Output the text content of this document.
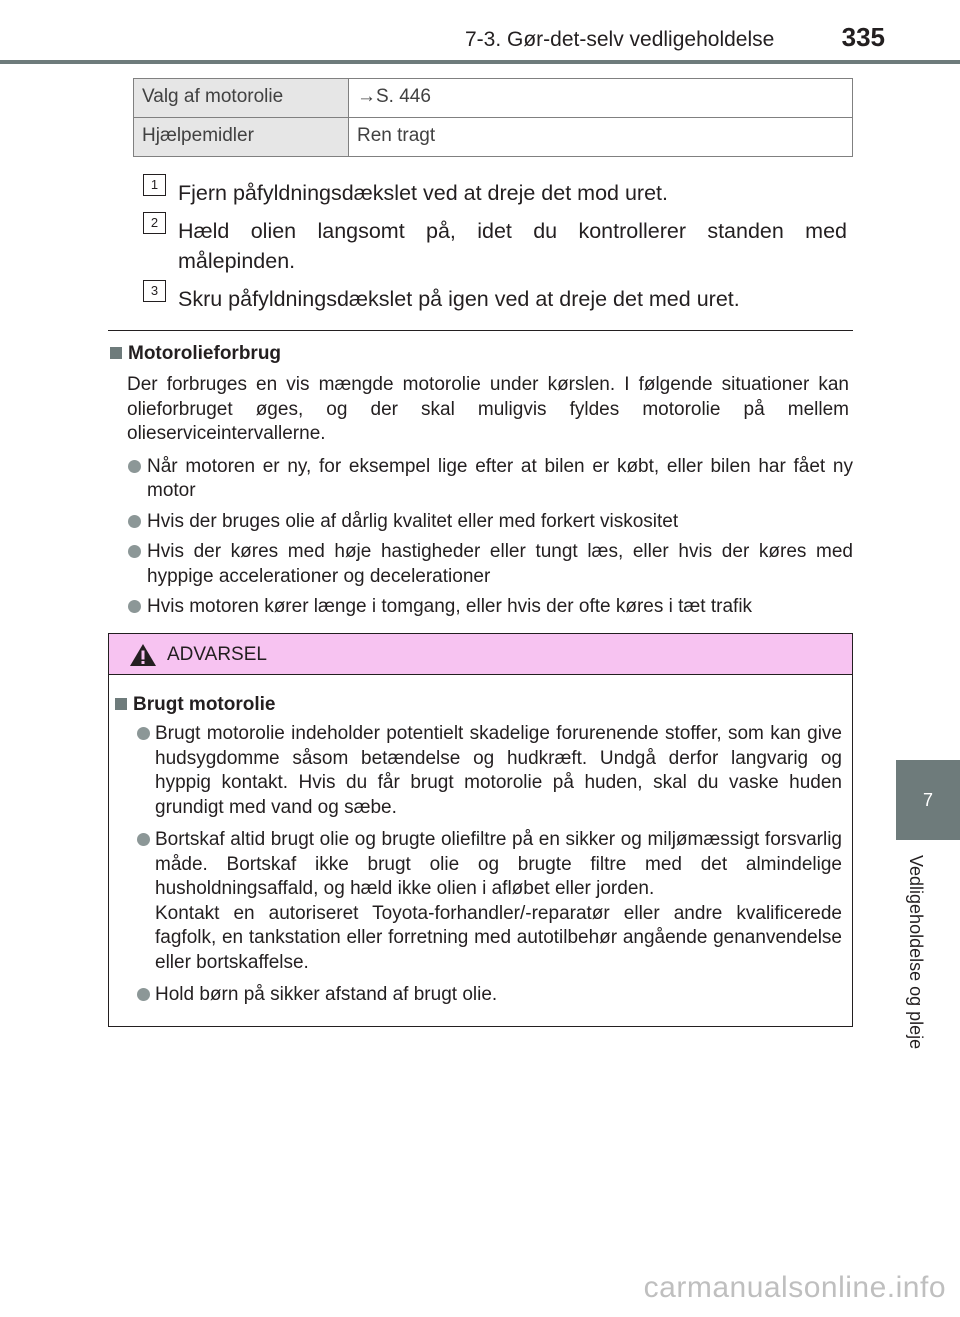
7-3. Gør-det-selv vedligeholdelse	335
7
Vedligeholdelse og pleje
Valg af motorolie	→S. 446
Hjælpemidler	Ren tragt
1 Fjern påfyldningsdækslet ved at dreje det mod uret.
2 Hæld olien langsomt på, idet du kontrollerer standen med målepinden.
3 Skru påfyldningsdækslet på igen ved at dreje det med uret.
Motorolieforbrug
Der forbruges en vis mængde motorolie under kørslen. I følgende situationer kan olieforbruget øges, og der skal muligvis fyldes motorolie på mellem olieserviceintervallerne.
Når motoren er ny, for eksempel lige efter at bilen er købt, eller bilen har fået ny motor
Hvis der bruges olie af dårlig kvalitet eller med forkert viskositet
Hvis der køres med høje hastigheder eller tungt læs, eller hvis der køres med hyppige accelerationer og decelerationer
Hvis motoren kører længe i tomgang, eller hvis der ofte køres i tæt trafik
ADVARSEL
Brugt motorolie
Brugt motorolie indeholder potentielt skadelige forurenende stoffer, som kan give hudsygdomme såsom betændelse og hudkræft. Undgå derfor langvarig og hyppig kontakt. Hvis du får brugt motorolie på huden, skal du vaske huden grundigt med vand og sæbe.
Bortskaf altid brugt olie og brugte oliefiltre på en sikker og miljømæssigt forsvarlig måde. Bortskaf ikke brugt olie og brugte filtre med det almindelige husholdningsaffald, og hæld ikke olien i afløbet eller jorden.
Kontakt en autoriseret Toyota-forhandler/-reparatør eller andre kvalificerede fagfolk, en tankstation eller forretning med autotilbehør angående genanvendelse eller bortskaffelse.
Hold børn på sikker afstand af brugt olie.
carmanualsonline.info
